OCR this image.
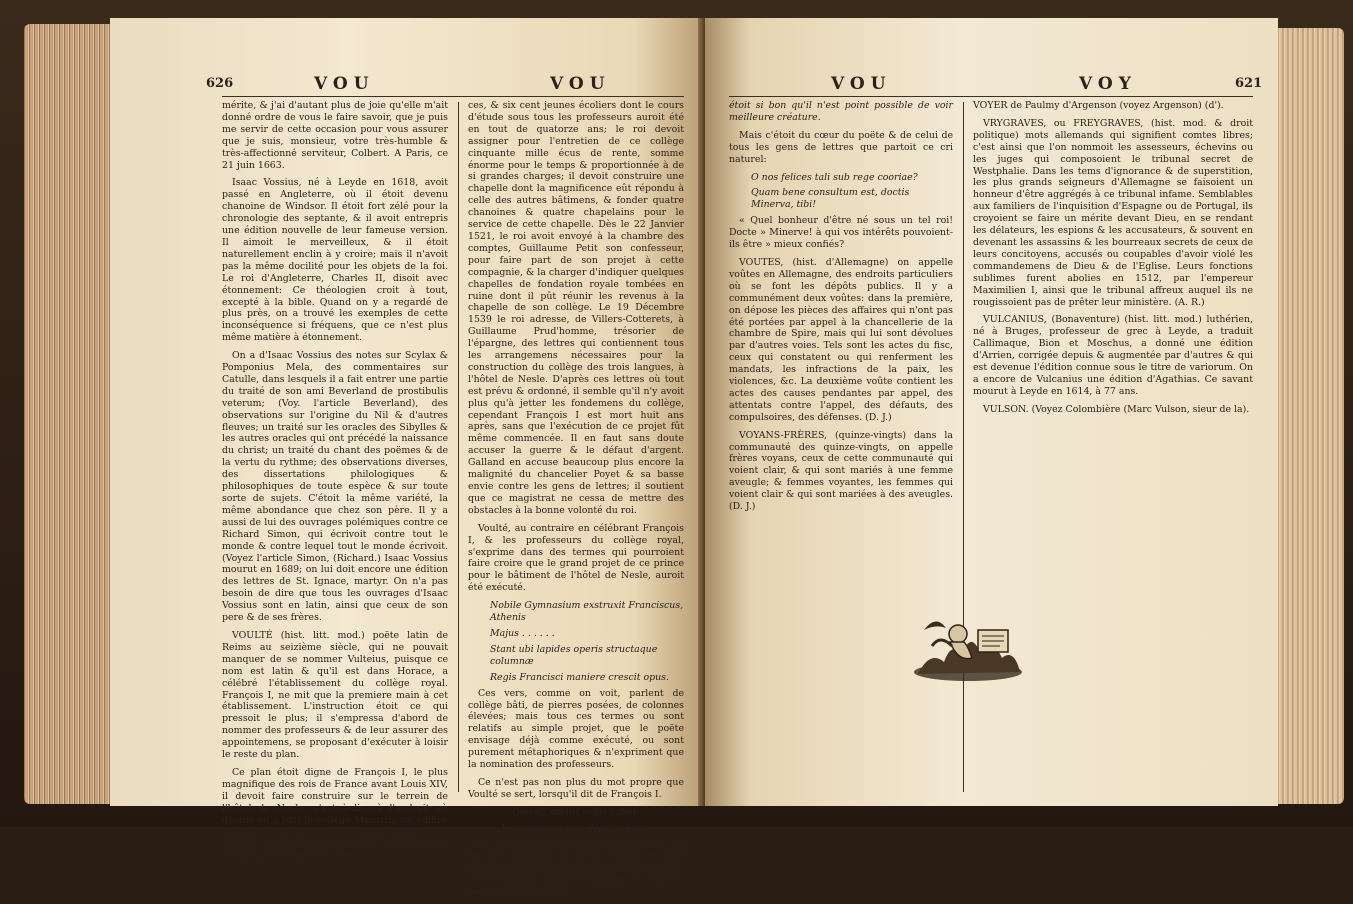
626	VOU	VOU

mérite, & j'ai d'autant plus de joie qu'elle m'ait donné ordre de vous le faire savoir, que je puis me servir de cette occasion pour vous assurer que je suis, monsieur, votre très-humble & très-affectionné serviteur, Colbert. A Paris, ce 21 juin 1663.

Isaac Vossius, né à Leyde en 1618, avoit passé en Angleterre, où il étoit devenu chanoine de Windsor. Il étoit fort zélé pour la chronologie des septante, & il avoit entrepris une édition nouvelle de leur fameuse version. Il aimoit le merveilleux, & il étoit naturellement enclin à y croire; mais il n'avoit pas la même docilité pour les objets de la foi. Le roi d'Angleterre, Charles II, disoit avec étonnement: Ce théologien croit à tout, excepté à la bible. Quand on y a regardé de plus près, on a trouvé les exemples de cette inconséquence si fréquens, que ce n'est plus même matière à étonnement.

On a d'Isaac Vossius des notes sur Scylax & Pomponius Mela, des commentaires sur Catulle, dans lesquels il a fait entrer une partie du traité de son ami Beverland de prostibulis veterum; (Voy. l'article Beverland), des observations sur l'origine du Nil & d'autres fleuves; un traité sur les oracles des Sibylles & les autres oracles qui ont précédé la naissance du christ; un traité du chant des poëmes & de la vertu du rythme; des observations diverses, des dissertations philologiques & philosophiques de toute espèce & sur toute sorte de sujets. C'étoit la même variété, la même abondance que chez son père. Il y a aussi de lui des ouvrages polémiques contre ce Richard Simon, qui écrivoit contre tout le monde & contre lequel tout le monde écrivoit. (Voyez l'article Simon, (Richard.) Isaac Vossius mourut en 1689; on lui doit encore une édition des lettres de St. Ignace, martyr. On n'a pas besoin de dire que tous les ouvrages d'Isaac Vossius sont en latin, ainsi que ceux de son pere & de ses frères.

VOULTÉ (hist. litt. mod.) poëte latin de Reims au seizième siècle, qui ne pouvait manquer de se nommer Vulteius, puisque ce nom est latin & qu'il est dans Horace, a célébré l'établissement du collège royal. François I, ne mit que la premiere main à cet établissement. L'instruction étoit ce qui pressoit le plus; il s'empressa d'abord de nommer des professeurs & de leur assurer des appointemens, se proposant d'exécuter à loisir le reste du plan.

Ce plan étoit digne de François I, le plus magnifique des rois de France avant Louis XIV, il devoit faire construire sur le terrein de l'hôtel de Nesle, c'est à-dire à l'endroit où depuis on a bâti le collège Mazarin, un édifice qui pût contenir un très-grand nombre de maîtres, non-seulement pour les langues, mais encore pour toutes les scien-

ces, & six cent jeunes écoliers dont le cours d'étude sous tous les professeurs auroit été en tout de quatorze ans; le roi devoit assigner pour l'entretien de ce collège cinquante mille écus de rente, somme énorme pour le temps & proportionnée à de si grandes charges; il devoit construire une chapelle dont la magnificence eût répondu à celle des autres bâtimens, & fonder quatre chanoines & quatre chapelains pour le service de cette chapelle. Dès le 22 Janvier 1521, le roi avoit envoyé à la chambre des comptes, Guillaume Petit son confesseur, pour faire part de son projet à cette compagnie, & la charger d'indiquer quelques chapelles de fondation royale tombées en ruine dont il pût réunir les revenus à la chapelle de son collège. Le 19 Décembre 1539 le roi adresse, de Villers-Cotterets, à Guillaume Prud'homme, trésorier de l'épargne, des lettres qui contiennent tous les arrangemens nécessaires pour la construction du collège des trois langues, à l'hôtel de Nesle. D'après ces lettres où tout est prévu & ordonné, il semble qu'il n'y avoit plus qu'à jetter les fondemens du collège, cependant François I est mort huit ans après, sans que l'exécution de ce projet fût même commencée. Il en faut sans doute accuser la guerre & le défaut d'argent. Galland en accuse beaucoup plus encore la malignité du chancelier Poyet & sa basse envie contre les gens de lettres; il soutient que ce magistrat ne cessa de mettre des obstacles à la bonne volonté du roi.

Voulté, au contraire en célébrant François I, & les professeurs du collège royal, s'exprime dans des termes qui pourroient faire croire que le grand projet de ce prince pour le bâtiment de l'hôtel de Nesle, auroit été exécuté.

Nobile Gymnasium exstruxit Franciscus, Athenis

Majus . . . . . .

Stant ubi lapides operis structaque columnæ

Regis Francisci maniere crescit opus.

Ces vers, comme on voit, parlent de collège bâti, de pierres posées, de colonnes élevées; mais tous ces termes ou sont relatifs au simple projet, que le poëte envisage déjà comme exécuté, ou sont purement métaphoriques & n'expriment que la nomination des professeurs.

Ce n'est pas non plus du mot propre que Voulté se sert, lorsqu'il dit de François I.

Quo nil mirius orbis habet:

L'univers n'a rien de plus doux.

On reconnoit moins à ce petit éloge un roi tel que François I, qu'un enfant tel que Charles VIII, dont Philippe de Comines a dit: il ne fut jamais que petit homme de corps & peu entendu, mais il

VOU	VOY	621

étoit si bon qu'il n'est point possible de voir meilleure créature.

Mais c'étoit du cœur du poëte & de celui de tous les gens de lettres que partoit ce cri naturel:

O nos felices tali sub rege cooriae?

Quam bene consultum est, doctis Minerva, tibi!

« Quel bonheur d'être né sous un tel roi! Docte » Minerve! à qui vos intérêts pouvoient-ils être » mieux confiés?

VOUTES, (hist. d'Allemagne) on appelle voûtes en Allemagne, des endroits particuliers où se font les dépôts publics. Il y a communément deux voûtes: dans la première, on dépose les pièces des affaires qui n'ont pas été portées par appel à la chancellerie de la chambre de Spire, mais qui lui sont dévolues par d'autres voies. Tels sont les actes du fisc, ceux qui constatent ou qui renferment les mandats, les infractions de la paix, les violences, &c. La deuxième voûte contient les actes des causes pendantes par appel, des attentats contre l'appel, des défauts, des compulsoires, des défenses. (D. J.)

VOYANS-FRÈRES, (quinze-vingts) dans la communauté des quinze-vingts, on appelle frères voyans, ceux de cette communauté qui voient clair, & qui sont mariés à une femme aveugle; & femmes voyantes, les femmes qui voient clair & qui sont mariées à des aveugles. (D. J.)

VOYER de Paulmy d'Argenson (voyez Argenson) (d').

VRYGRAVES, ou FREYGRAVES, (hist. mod. & droit politique) mots allemands qui signifient comtes libres; c'est ainsi que l'on nommoit les assesseurs, échevins ou les juges qui composoient le tribunal secret de Westphalie. Dans les tems d'ignorance & de superstition, les plus grands seigneurs d'Allemagne se faisoient un honneur d'être aggrégés à ce tribunal infame. Semblables aux familiers de l'inquisition d'Espagne ou de Portugal, ils croyoient se faire un mérite devant Dieu, en se rendant les délateurs, les espions & les accusateurs, & souvent en devenant les assassins & les bourreaux secrets de ceux de leurs concitoyens, accusés ou coupables d'avoir violé les commandemens de Dieu & de l'Eglise. Leurs fonctions sublimes furent abolies en 1512, par l'empereur Maximilien I, ainsi que le tribunal affreux auquel ils ne rougissoient pas de prêter leur ministère. (A. R.)

VULCANIUS, (Bonaventure) (hist. litt. mod.) luthérien, né à Bruges, professeur de grec à Leyde, a traduit Callimaque, Bion et Moschus, a donné une édition d'Arrien, corrigée depuis & augmentée par d'autres & qui est devenue l'édition connue sous le titre de variorum. On a encore de Vulcanius une édition d'Agathias. Ce savant mourut à Leyde en 1614, à 77 ans.

VULSON. (Voyez Colombière (Marc Vulson, sieur de la).
